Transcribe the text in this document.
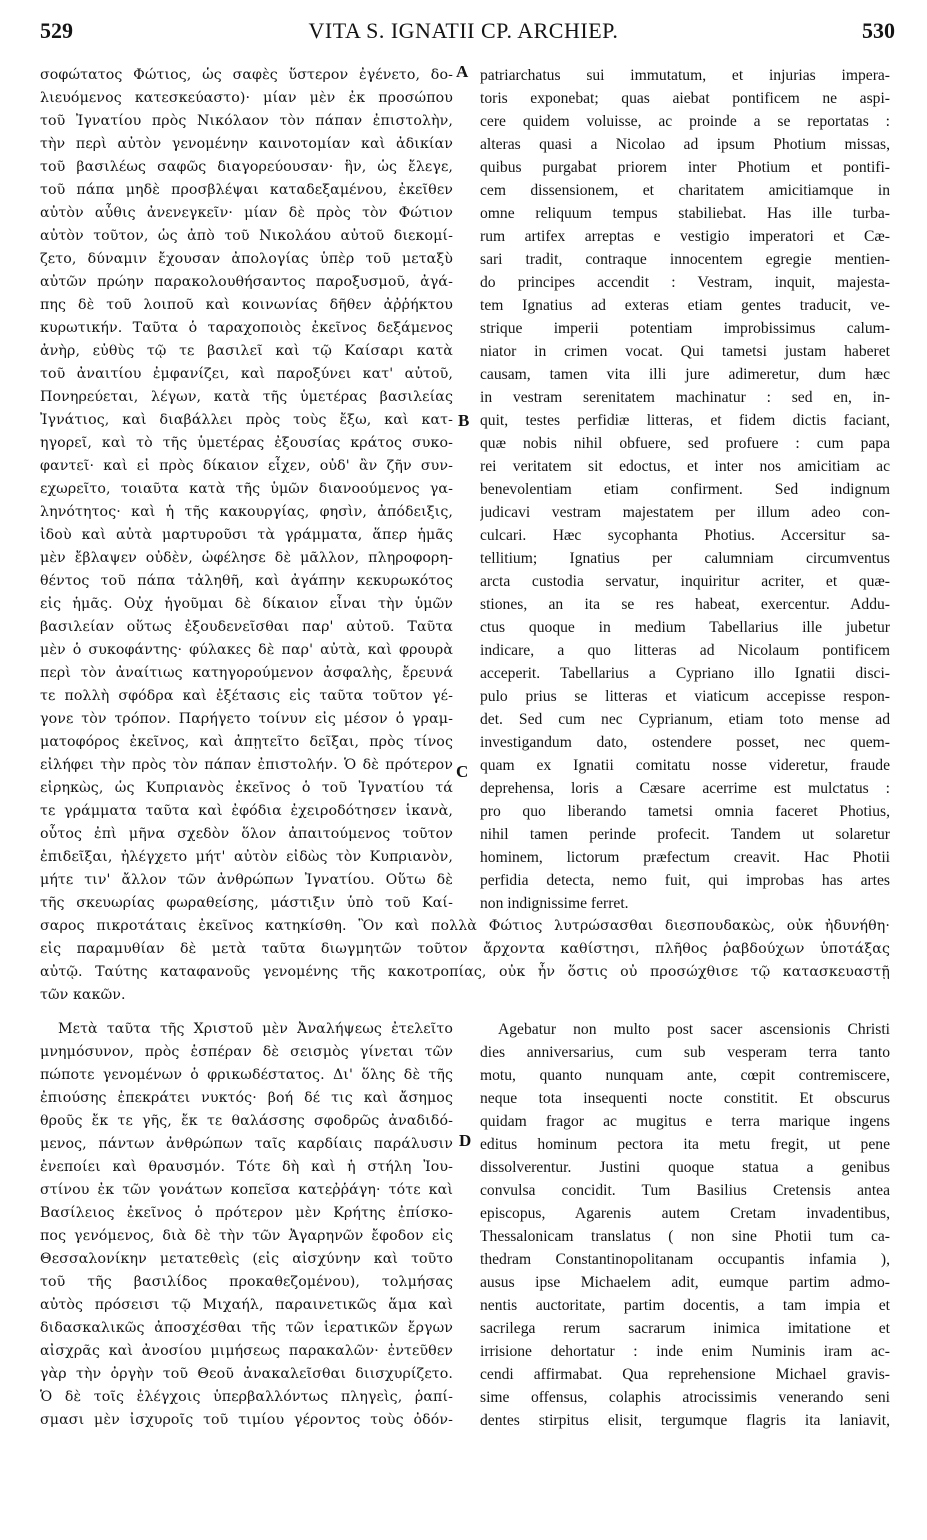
529	VITA S. IGNATII CP. ARCHIEP.	530
A
B
C
D
σοφώτατος Φώτιος, ὡς σαφὲς ὕστερον ἐγένετο, δο-
λιευόμενος κατεσκεύαστο)· μίαν μὲν ἐκ προσώπου
τοῦ Ἰγνατίου πρὸς Νικόλαον τὸν πάπαν ἐπιστολὴν,
τὴν περὶ αὐτὸν γενομένην καινοτομίαν καὶ ἀδικίαν
τοῦ βασιλέως σαφῶς διαγορεύουσαν· ἣν, ὡς ἔλεγε,
τοῦ πάπα μηδὲ προσβλέψαι καταδεξαμένου, ἐκεῖθεν
αὐτὸν αὖθις ἀνενεγκεῖν· μίαν δὲ πρὸς τὸν Φώτιον
αὐτὸν τοῦτον, ὡς ἀπὸ τοῦ Νικολάου αὐτοῦ διεκομί-
ζετο, δύναμιν ἔχουσαν ἀπολογίας ὑπὲρ τοῦ μεταξὺ
αὐτῶν πρώην παρακολουθήσαντος παροξυσμοῦ, ἀγά-
πης δὲ τοῦ λοιποῦ καὶ κοινωνίας δῆθεν ἀῤῥήκτου
κυρωτικήν. Ταῦτα ὁ ταραχοποιὸς ἐκεῖνος δεξάμενος
ἀνὴρ, εὐθὺς τῷ τε βασιλεῖ καὶ τῷ Καίσαρι κατὰ
τοῦ ἀναιτίου ἐμφανίζει, καὶ παροξύνει κατ' αὐτοῦ,
Πονηρεύεται, λέγων, κατὰ τῆς ὑμετέρας βασιλείας
Ἰγνάτιος, καὶ διαβάλλει πρὸς τοὺς ἔξω, καὶ κατ-
ηγορεῖ, καὶ τὸ τῆς ὑμετέρας ἐξουσίας κράτος συκο-
φαντεῖ· καὶ εἰ πρὸς δίκαιον εἶχεν, οὐδ' ἂν ζῆν συν-
εχωρεῖτο, τοιαῦτα κατὰ τῆς ὑμῶν διανοούμενος γα-
ληνότητος· καὶ ἡ τῆς κακουργίας, φησὶν, ἀπόδειξις,
ἰδοὺ καὶ αὐτὰ μαρτυροῦσι τὰ γράμματα, ἅπερ ἡμᾶς
μὲν ἔβλαψεν οὐδὲν, ὠφέλησε δὲ μᾶλλον, πληροφορη-
θέντος τοῦ πάπα τἀληθῆ, καὶ ἀγάπην κεκυρωκότος
εἰς ἡμᾶς. Οὐχ ἡγοῦμαι δὲ δίκαιον εἶναι τὴν ὑμῶν
βασιλείαν οὕτως ἐξουδενεῖσθαι παρ' αὐτοῦ. Ταῦτα
μὲν ὁ συκοφάντης· φύλακες δὲ παρ' αὐτὰ, καὶ φρουρὰ
περὶ τὸν ἀναίτιως κατηγορούμενον ἀσφαλὴς, ἔρευνά
τε πολλὴ σφόδρα καὶ ἐξέτασις εἰς ταῦτα τοῦτον γέ-
γονε τὸν τρόπον. Παρήγετο τοίνυν εἰς μέσον ὁ γραμ-
ματοφόρος ἐκεῖνος, καὶ ἀπῃτεῖτο δεῖξαι, πρὸς τίνος
εἰλήφει τὴν πρὸς τὸν πάπαν ἐπιστολήν. Ὁ δὲ πρότερον
εἰρηκὼς, ὡς Κυπριανὸς ἐκεῖνος ὁ τοῦ Ἰγνατίου τά
τε γράμματα ταῦτα καὶ ἐφόδια ἐχειροδότησεν ἱκανὰ,
οὗτος ἐπὶ μῆνα σχεδὸν ὅλον ἀπαιτούμενος τοῦτον
ἐπιδεῖξαι, ἠλέγχετο μήτ' αὐτὸν εἰδὼς τὸν Κυπριανὸν,
μήτε τιν' ἄλλον τῶν ἀνθρώπων Ἰγνατίου. Οὕτω δὲ
τῆς σκευωρίας φωραθείσης, μάστιξιν ὑπὸ τοῦ Καί-
patriarchatus sui immutatum, et injurias impera-
toris exponebat; quas aiebat pontificem ne aspi-
cere quidem voluisse, ac proinde a se reportatas :
alteras quasi a Nicolao ad ipsum Photium missas,
quibus purgabat priorem inter Photium et pontifi-
cem dissensionem, et charitatem amicitiamque in
omne reliquum tempus stabiliebat. Has ille turba-
rum artifex arreptas e vestigio imperatori et Cæ-
sari tradit, contraque innocentem egregie mentien-
do principes accendit : Vestram, inquit, majesta-
tem Ignatius ad exteras etiam gentes traducit, ve-
strique imperii potentiam improbissimus calum-
niator in crimen vocat. Qui tametsi justam haberet
causam, tamen vita illi jure adimeretur, dum hæc
in vestram serenitatem machinatur : sed en, in-
quit, testes perfidiæ litteras, et fidem dictis faciant,
quæ nobis nihil obfuere, sed profuere : cum papa
rei veritatem sit edoctus, et inter nos amicitiam ac
benevolentiam etiam confirment. Sed indignum
judicavi vestram majestatem per illum adeo con-
culcari. Hæc sycophanta Photius. Accersitur sa-
tellitium; Ignatius per calumniam circumventus
arcta custodia servatur, inquiritur acriter, et quæ-
stiones, an ita se res habeat, exercentur. Addu-
ctus quoque in medium Tabellarius ille jubetur
indicare, a quo litteras ad Nicolaum pontificem
acceperit. Tabellarius a Cypriano illo Ignatii disci-
pulo prius se litteras et viaticum accepisse respon-
det. Sed cum nec Cyprianum, etiam toto mense ad
investigandum dato, ostendere posset, nec quem-
quam ex Ignatii comitatu nosse videretur, fraude
deprehensa, loris a Cæsare acerrime est mulctatus :
pro quo liberando tametsi omnia faceret Photius,
nihil tamen perinde profecit. Tandem ut solaretur
hominem, lictorum præfectum creavit. Hac Photii
perfidia detecta, nemo fuit, qui improbas has artes
non indignissime ferret.
σαρος πικροτάταις ἐκεῖνος κατηκίσθη. Ὃν καὶ πολλὰ Φώτιος λυτρώσασθαι διεσπουδακὼς, οὐκ ἠδυνήθη·
εἰς παραμυθίαν δὲ μετὰ ταῦτα διωγμητῶν τοῦτον ἄρχοντα καθίστησι, πλῆθος ῥαβδούχων ὑποτάξας
αὐτῷ. Ταύτης καταφανοῦς γενομένης τῆς κακοτροπίας, οὐκ ἦν ὅστις οὐ προσώχθισε τῷ κατασκευαστῇ
τῶν κακῶν.
Μετὰ ταῦτα τῆς Χριστοῦ μὲν Ἀναλήψεως ἐτελεῖτο
μνημόσυνον, πρὸς ἑσπέραν δὲ σεισμὸς γίνεται τῶν
πώποτε γενομένων ὁ φρικωδέστατος. Δι' ὅλης δὲ τῆς
ἐπιούσης ἐπεκράτει νυκτός· βοή δέ τις καὶ ἄσημος
θροῦς ἔκ τε γῆς, ἔκ τε θαλάσσης σφοδρῶς ἀναδιδό-
μενος, πάντων ἀνθρώπων ταῖς καρδίαις παράλυσιν
ἐνεποίει καὶ θραυσμόν. Τότε δὴ καὶ ἡ στήλη Ἰου-
στίνου ἐκ τῶν γονάτων κοπεῖσα κατεῤῥάγη· τότε καὶ
Βασίλειος ἐκεῖνος ὁ πρότερον μὲν Κρήτης ἐπίσκο-
πος γενόμενος, διὰ δὲ τὴν τῶν Ἀγαρηνῶν ἔφοδον εἰς
Θεσσαλονίκην μετατεθεὶς (εἰς αἰσχύνην καὶ τοῦτο
τοῦ τῆς βασιλίδος προκαθεζομένου), τολμήσας
αὐτὸς πρόσεισι τῷ Μιχαήλ, παραινετικῶς ἅμα καὶ
διδασκαλικῶς ἀποσχέσθαι τῆς τῶν ἱερατικῶν ἔργων
αἰσχρᾶς καὶ ἀνοσίου μιμήσεως παρακαλῶν· ἐντεῦθεν
γὰρ τὴν ὀργὴν τοῦ Θεοῦ ἀνακαλεῖσθαι διισχυρίζετο.
Ὁ δὲ τοῖς ἐλέγχοις ὑπερβαλλόντως πληγεὶς, ῥαπί-
σμασι μὲν ἰσχυροῖς τοῦ τιμίου γέροντος τοὺς ὀδόν-
Agebatur non multo post sacer ascensionis Christi
dies anniversarius, cum sub vesperam terra tanto
motu, quanto nunquam ante, cœpit contremiscere,
neque tota insequenti nocte constitit. Et obscurus
quidam fragor ac mugitus e terra marique ingens
editus hominum pectora ita metu fregit, ut pene
dissolverentur. Justini quoque statua a genibus
convulsa concidit. Tum Basilius Cretensis antea
episcopus, Agarenis autem Cretam invadentibus,
Thessalonicam translatus ( non sine Photii tum ca-
thedram Constantinopolitanam occupantis infamia ),
ausus ipse Michaelem adit, eumque partim admo-
nentis auctoritate, partim docentis, a tam impia et
sacrilega rerum sacrarum inimica imitatione et
irrisione dehortatur : inde enim Numinis iram ac-
cendi affirmabat. Qua reprehensione Michael gravis-
sime offensus, colaphis atrocissimis venerando seni
dentes stirpitus elisit, tergumque flagris ita laniavit,
